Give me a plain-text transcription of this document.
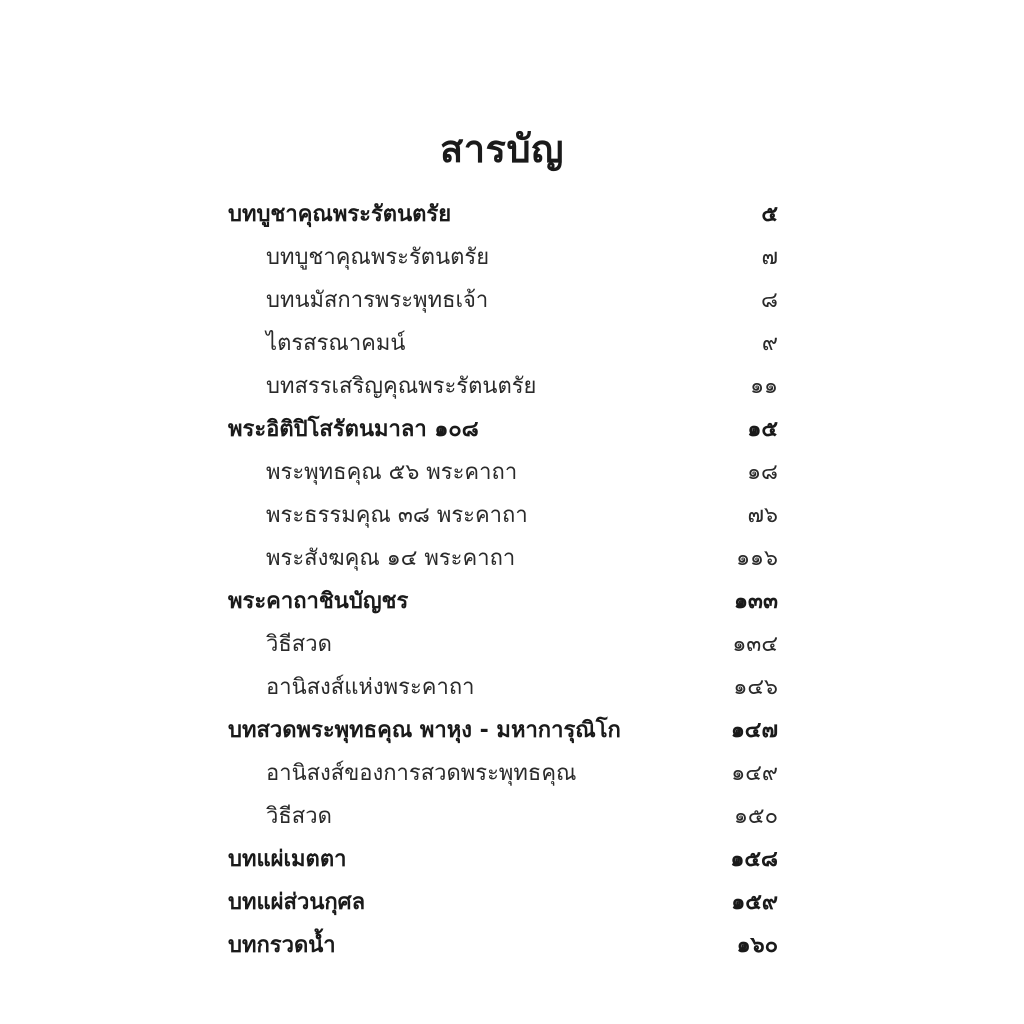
สารบัญ
บทบูชาคุณพระรัตนตรัย	๕
บทบูชาคุณพระรัตนตรัย	๗
บทนมัสการพระพุทธเจ้า	๘
ไตรสรณาคมน์	๙
บทสรรเสริญคุณพระรัตนตรัย	๑๑
พระอิติปิโสรัตนมาลา ๑๐๘	๑๕
พระพุทธคุณ ๕๖ พระคาถา	๑๘
พระธรรมคุณ ๓๘ พระคาถา	๗๖
พระสังฆคุณ ๑๔ พระคาถา	๑๑๖
พระคาถาชินบัญชร	๑๓๓
วิธีสวด	๑๓๔
อานิสงส์แห่งพระคาถา	๑๔๖
บทสวดพระพุทธคุณ พาหุง - มหาการุณิโก	๑๔๗
อานิสงส์ของการสวดพระพุทธคุณ	๑๔๙
วิธีสวด	๑๕๐
บทแผ่เมตตา	๑๕๘
บทแผ่ส่วนกุศล	๑๕๙
บทกรวดน้ำ	๑๖๐
